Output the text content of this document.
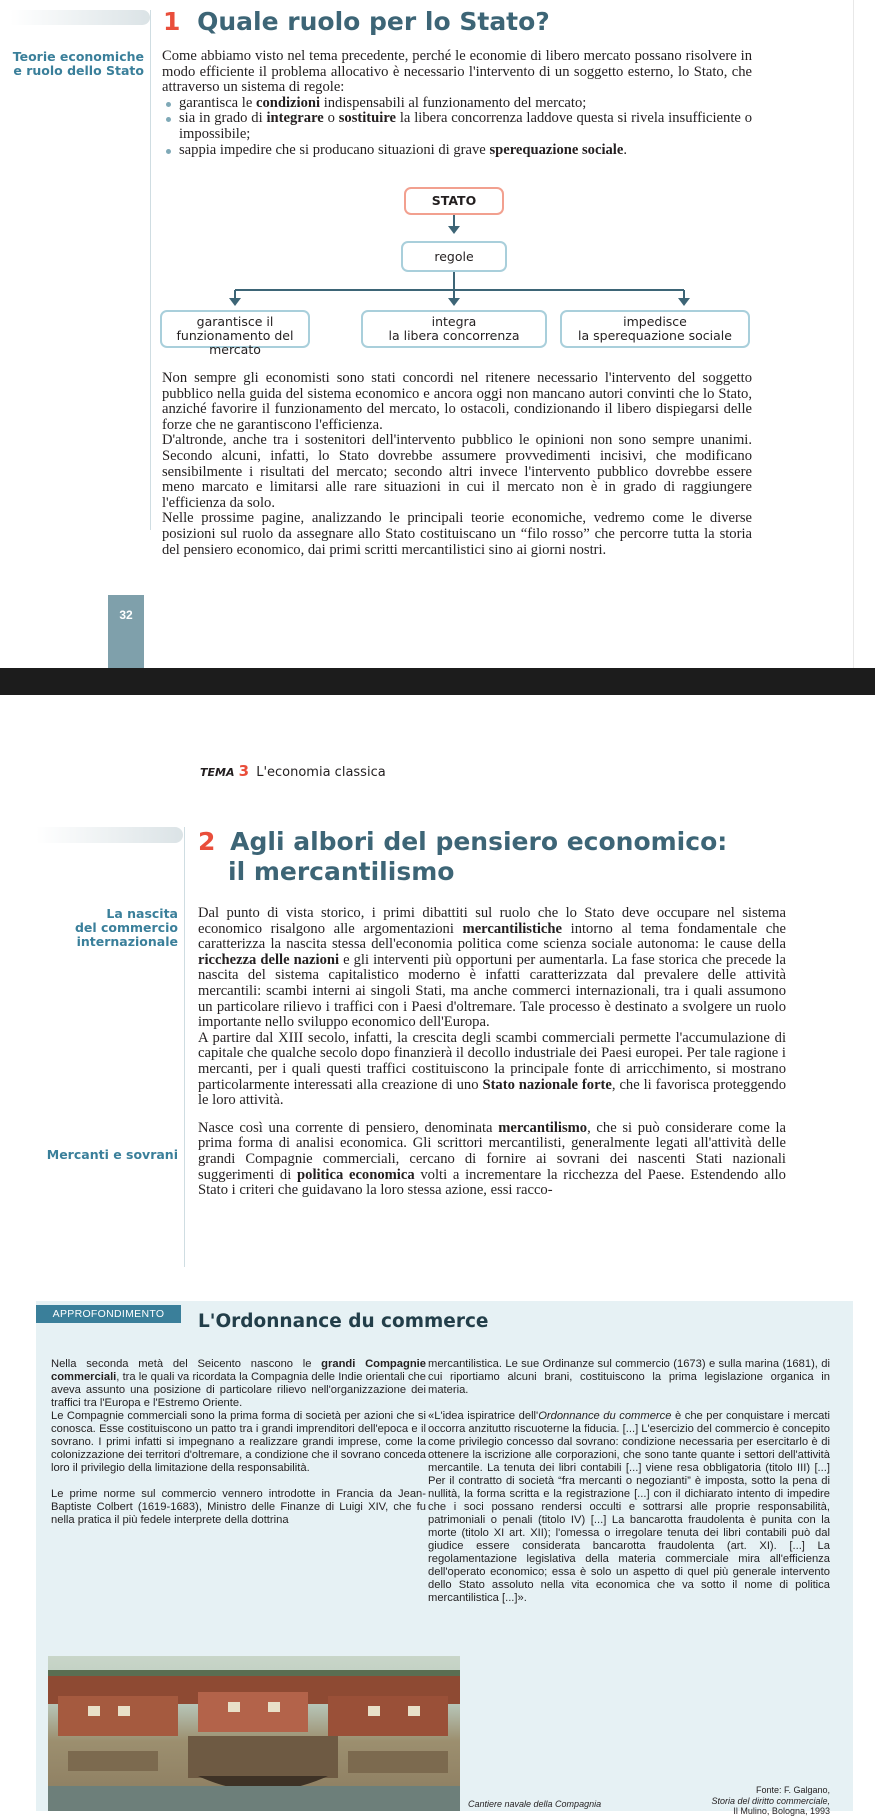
1 Quale ruolo per lo Stato?
Teorie economiche
e ruolo dello Stato

Come abbiamo visto nel tema precedente, perché le economie di libero mercato possano risolvere in modo efficiente il problema allocativo è necessario l'intervento di un soggetto esterno, lo Stato, che attraverso un sistema di regole:

garantisca le condizioni indispensabili al funzionamento del mercato;
sia in grado di integrare o sostituire la libera concorrenza laddove questa si rivela insufficiente o impossibile;
sappia impedire che si producano situazioni di grave sperequazione sociale.
STATO
regole
garantisce il
funzionamento del mercato
integra
la libera concorrenza
impedisce
la sperequazione sociale

Non sempre gli economisti sono stati concordi nel ritenere necessario l'intervento del soggetto pubblico nella guida del sistema economico e ancora oggi non mancano autori convinti che lo Stato, anziché favorire il funzionamento del mercato, lo ostacoli, condizionando il libero dispiegarsi delle forze che ne garantiscono l'efficienza.

D'altronde, anche tra i sostenitori dell'intervento pubblico le opinioni non sono sempre unanimi. Secondo alcuni, infatti, lo Stato dovrebbe assumere provvedimenti incisivi, che modificano sensibilmente i risultati del mercato; secondo altri invece l'intervento pubblico dovrebbe essere meno marcato e limitarsi alle rare situazioni in cui il mercato non è in grado di raggiungere l'efficienza da solo.

Nelle prossime pagine, analizzando le principali teorie economiche, vedremo come le diverse posizioni sul ruolo da assegnare allo Stato costituiscano un “filo rosso” che percorre tutta la storia del pensiero economico, dai primi scritti mercantilistici sino ai giorni nostri.

32
TEMA 3 L'economia classica
2 Agli albori del pensiero economico:
il mercantilismo
La nascita
del commercio
internazionale

Dal punto di vista storico, i primi dibattiti sul ruolo che lo Stato deve occupare nel sistema economico risalgono alle argomentazioni mercantilistiche intorno al tema fondamentale che caratterizza la nascita stessa dell'economia politica come scienza sociale autonoma: le cause della ricchezza delle nazioni e gli interventi più opportuni per aumentarla. La fase storica che precede la nascita del sistema capitalistico moderno è infatti caratterizzata dal prevalere delle attività mercantili: scambi interni ai singoli Stati, ma anche commerci internazionali, tra i quali assumono un particolare rilievo i traffici con i Paesi d'oltremare. Tale processo è destinato a svolgere un ruolo importante nello sviluppo economico dell'Europa.

A partire dal XIII secolo, infatti, la crescita degli scambi commerciali permette l'accumulazione di capitale che qualche secolo dopo finanzierà il decollo industriale dei Paesi europei. Per tale ragione i mercanti, per i quali questi traffici costituiscono la principale fonte di arricchimento, si mostrano particolarmente interessati alla creazione di uno Stato nazionale forte, che li favorisca proteggendo le loro attività.

Nasce così una corrente di pensiero, denominata mercantilismo, che si può considerare come la prima forma di analisi economica. Gli scrittori mercantilisti, generalmente legati all'attività delle grandi Compagnie commerciali, cercano di fornire ai sovrani dei nascenti Stati nazionali suggerimenti di politica economica volti a incrementare la ricchezza del Paese. Estendendo allo Stato i criteri che guidavano la loro stessa azione, essi racco-

Mercanti e sovrani
APPROFONDIMENTO	L'Ordonnance du commerce

Nella seconda metà del Seicento nascono le grandi Compagnie commerciali, tra le quali va ricordata la Compagnia delle Indie orientali che aveva assunto una posizione di particolare rilievo nell'organizzazione dei traffici tra l'Europa e l'Estremo Oriente.

Le Compagnie commerciali sono la prima forma di società per azioni che si conosca. Esse costituiscono un patto tra i grandi imprenditori dell'epoca e il sovrano. I primi infatti si impegnano a realizzare grandi imprese, come la colonizzazione dei territori d'oltremare, a condizione che il sovrano conceda loro il privilegio della limitazione della responsabilità.

Le prime norme sul commercio vennero introdotte in Francia da Jean-Baptiste Colbert (1619-1683), Ministro delle Finanze di Luigi XIV, che fu nella pratica il più fedele interprete della dottrina

mercantilistica. Le sue Ordinanze sul commercio (1673) e sulla marina (1681), di cui riportiamo alcuni brani, costituiscono la prima legislazione organica in materia.

«L'idea ispiratrice dell'Ordonnance du commerce è che per conquistare i mercati occorra anzitutto riscuoterne la fiducia. [...] L'esercizio del commercio è concepito come privilegio concesso dal sovrano: condizione necessaria per esercitarlo è di ottenere la iscrizione alle corporazioni, che sono tante quante i settori dell'attività mercantile. La tenuta dei libri contabili [...] viene resa obbligatoria (titolo III) [...] Per il contratto di società “fra mercanti o negozianti” è imposta, sotto la pena di nullità, la forma scritta e la registrazione [...] con il dichiarato intento di impedire che i soci possano rendersi occulti e sottrarsi alle proprie responsabilità, patrimoniali o penali (titolo IV) [...] La bancarotta fraudolenta è punita con la morte (titolo XI art. XII); l'omessa o irregolare tenuta dei libri contabili può dal giudice essere considerata bancarotta fraudolenta (art. XI). [...] La regolamentazione legislativa della materia commerciale mira all'efficienza dell'operato economico; essa è solo un aspetto di quel più generale intervento dello Stato assoluto nella vita economica che va sotto il nome di politica mercantilistica [...]».

Fonte: F. Galgano,
Storia del diritto commerciale,
Il Mulino, Bologna, 1993
Cantiere navale della Compagnia
